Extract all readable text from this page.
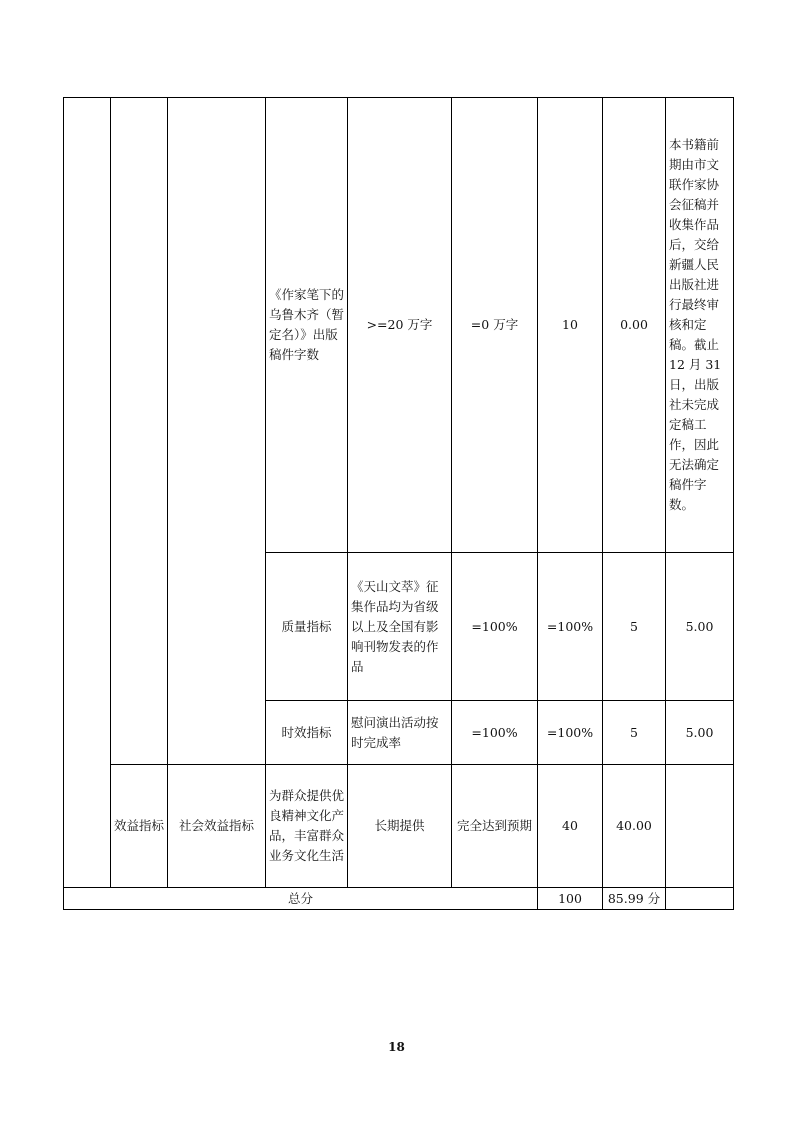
			《作家笔下的乌鲁木齐（暂定名）》出版稿件字数	>=20 万字	=0 万字	10	0.00	本书籍前期由市文联作家协会征稿并收集作品后，交给新疆人民出版社进行最终审核和定稿。截止 12 月 31 日，出版社未完成定稿工作，因此无法确定稿件字数。	
			质量指标	《天山文萃》征集作品均为省级以上及全国有影响刊物发表的作品	=100%	=100%	5	5.00	
			时效指标	慰问演出活动按时完成率	=100%	=100%	5	5.00	
	效益指标	社会效益指标	为群众提供优良精神文化产品，丰富群众业务文化生活	长期提供	完全达到预期	40	40.00		
总分						100	85.99 分		
18
